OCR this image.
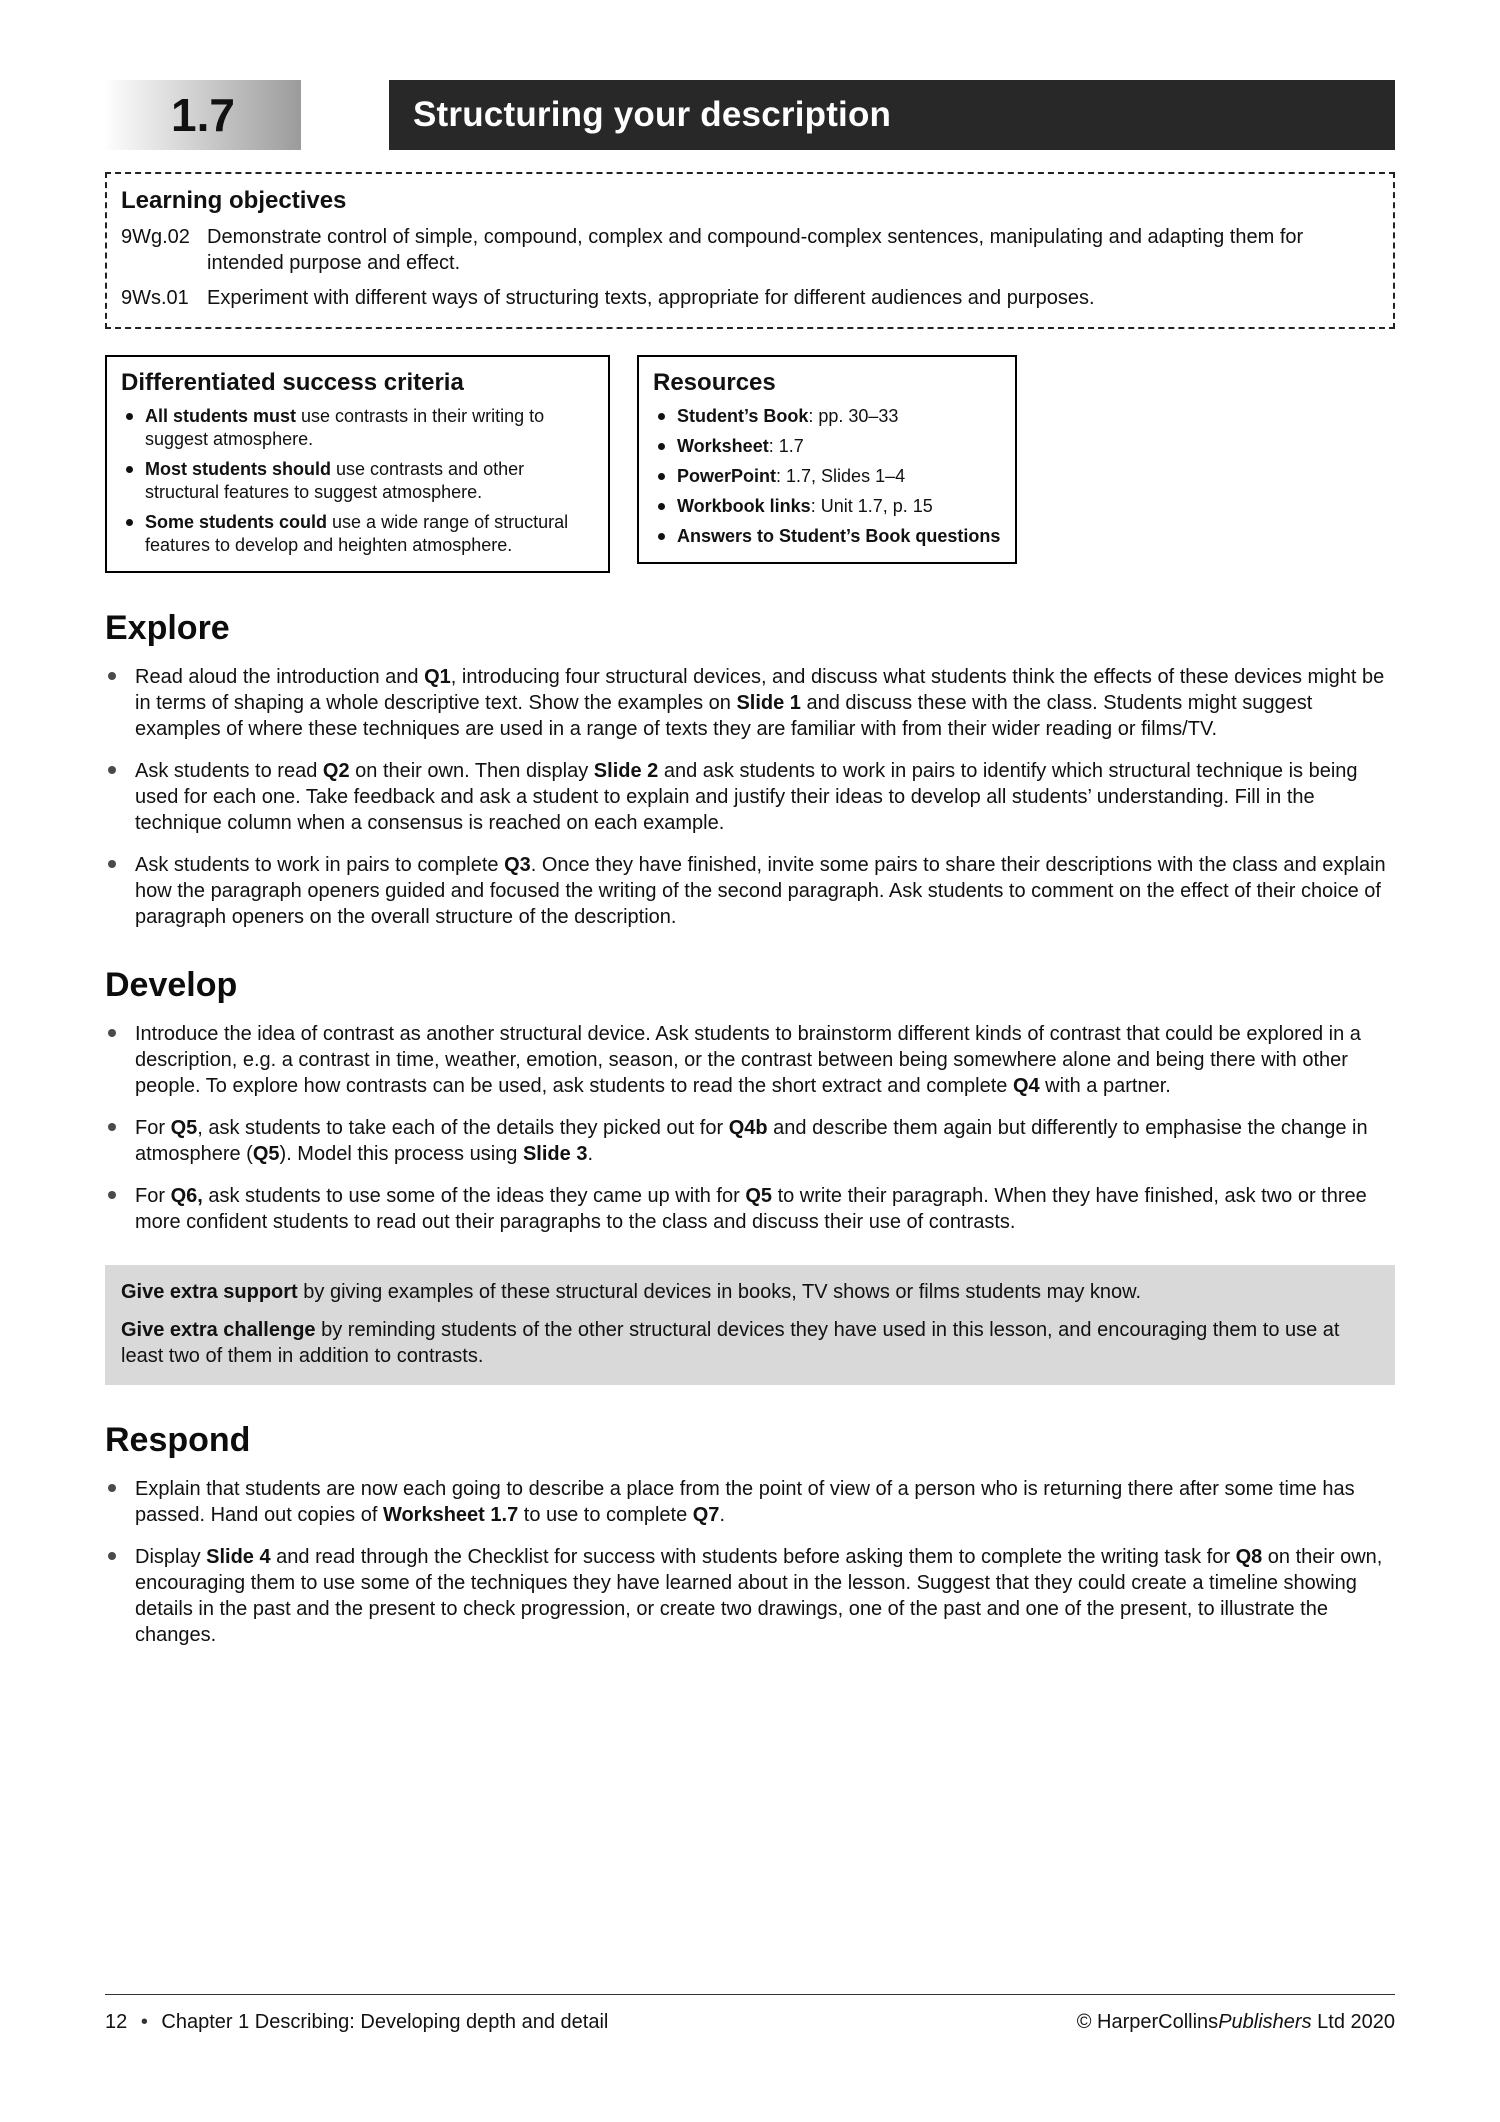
1.7	Structuring your description
Learning objectives
9Wg.02 Demonstrate control of simple, compound, complex and compound-complex sentences, manipulating and adapting them for intended purpose and effect.
9Ws.01 Experiment with different ways of structuring texts, appropriate for different audiences and purposes.
Differentiated success criteria
All students must use contrasts in their writing to suggest atmosphere.
Most students should use contrasts and other structural features to suggest atmosphere.
Some students could use a wide range of structural features to develop and heighten atmosphere.
Resources
Student’s Book: pp. 30–33
Worksheet: 1.7
PowerPoint: 1.7, Slides 1–4
Workbook links: Unit 1.7, p. 15
Answers to Student’s Book questions
Explore
Read aloud the introduction and Q1, introducing four structural devices, and discuss what students think the effects of these devices might be in terms of shaping a whole descriptive text. Show the examples on Slide 1 and discuss these with the class. Students might suggest examples of where these techniques are used in a range of texts they are familiar with from their wider reading or films/TV.
Ask students to read Q2 on their own. Then display Slide 2 and ask students to work in pairs to identify which structural technique is being used for each one. Take feedback and ask a student to explain and justify their ideas to develop all students’ understanding. Fill in the technique column when a consensus is reached on each example.
Ask students to work in pairs to complete Q3. Once they have finished, invite some pairs to share their descriptions with the class and explain how the paragraph openers guided and focused the writing of the second paragraph. Ask students to comment on the effect of their choice of paragraph openers on the overall structure of the description.
Develop
Introduce the idea of contrast as another structural device. Ask students to brainstorm different kinds of contrast that could be explored in a description, e.g. a contrast in time, weather, emotion, season, or the contrast between being somewhere alone and being there with other people. To explore how contrasts can be used, ask students to read the short extract and complete Q4 with a partner.
For Q5, ask students to take each of the details they picked out for Q4b and describe them again but differently to emphasise the change in atmosphere (Q5). Model this process using Slide 3.
For Q6, ask students to use some of the ideas they came up with for Q5 to write their paragraph. When they have finished, ask two or three more confident students to read out their paragraphs to the class and discuss their use of contrasts.

Give extra support by giving examples of these structural devices in books, TV shows or films students may know.

Give extra challenge by reminding students of the other structural devices they have used in this lesson, and encouraging them to use at least two of them in addition to contrasts.

Respond
Explain that students are now each going to describe a place from the point of view of a person who is returning there after some time has passed. Hand out copies of Worksheet 1.7 to use to complete Q7.
Display Slide 4 and read through the Checklist for success with students before asking them to complete the writing task for Q8 on their own, encouraging them to use some of the techniques they have learned about in the lesson. Suggest that they could create a timeline showing details in the past and the present to check progression, or create two drawings, one of the past and one of the present, to illustrate the changes.
12 • Chapter 1 Describing: Developing depth and detail	© HarperCollinsPublishers Ltd 2020
